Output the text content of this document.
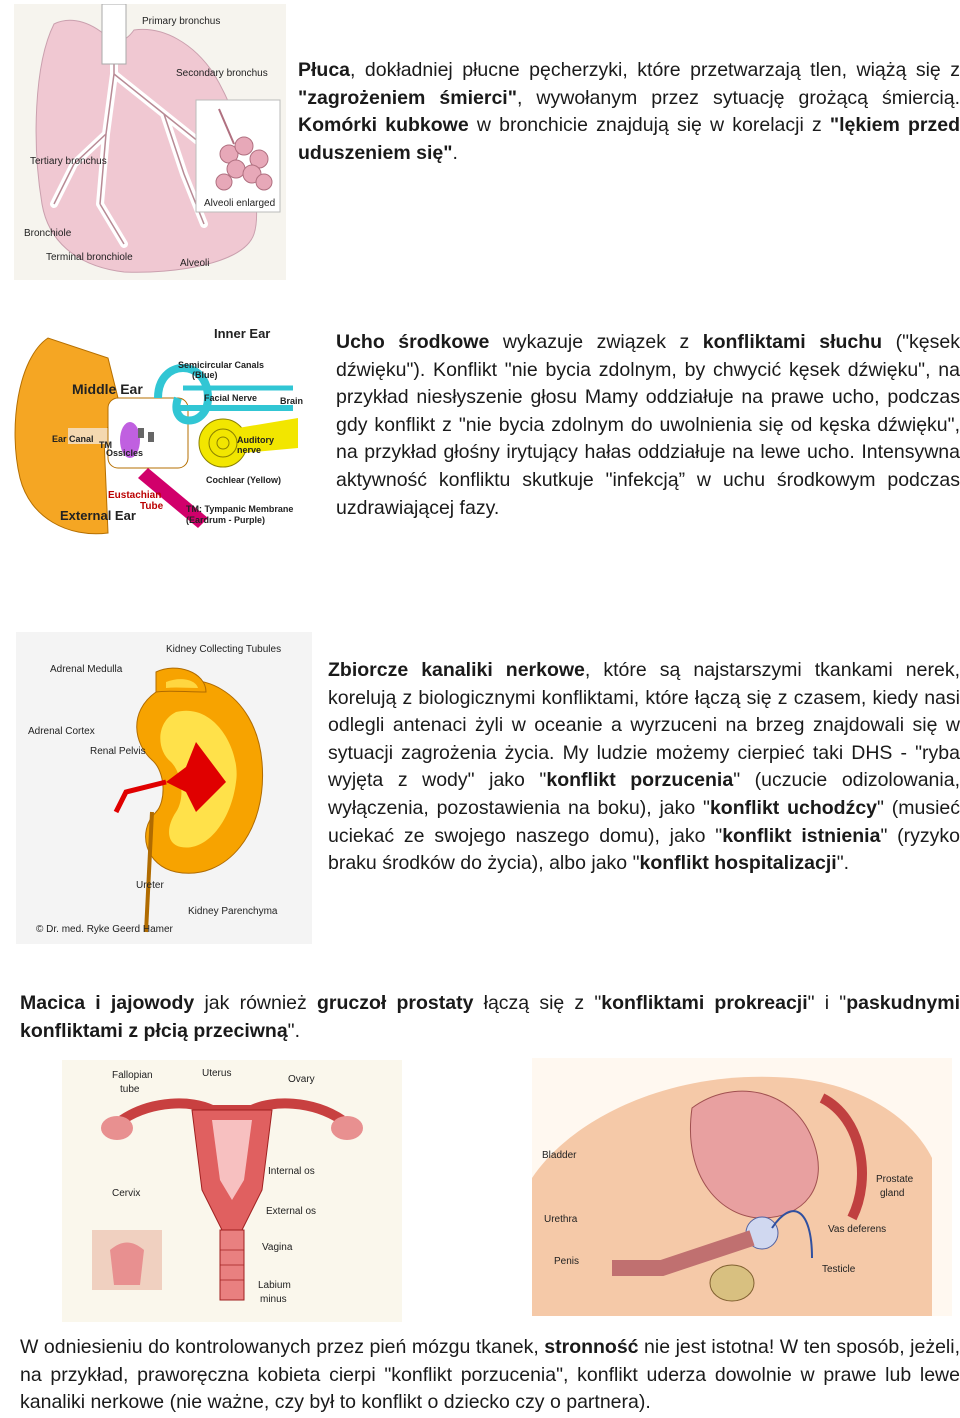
Primary bronchus
Secondary bronchus
Tertiary bronchus
Bronchiole
Terminal bronchiole
Alveoli
Alveoli enlarged

Płuca, dokładniej płucne pęcherzyki, które przetwarzają tlen, wiążą się z "zagrożeniem śmierci", wywołanym przez sytuację grożącą śmiercią. Komórki kubkowe w bronchicie znajdują się w korelacji z "lękiem przed uduszeniem się".

Inner Ear
Middle Ear
Semicircular Canals
(Blue)
Facial Nerve	Brain
Ear Canal
TM
Ossicles
Auditory
nerve
Cochlear (Yellow)
Eustachian
Tube	TM: Tympanic Membrane
(Eardrum - Purple)
External Ear

Ucho środkowe wykazuje związek z konfliktami słuchu ("kęsek dźwięku"). Konflikt "nie bycia zdolnym, by chwycić kęsek dźwięku", na przykład niesłyszenie głosu Mamy oddziałuje na prawe ucho, podczas gdy konflikt z "nie bycia zdolnym do uwolnienia się od kęska dźwięku", na przykład głośny irytujący hałas oddziałuje na lewe ucho. Intensywna aktywność konfliktu skutkuje "infekcją” w uchu środkowym podczas uzdrawiającej fazy.

Kidney Collecting Tubules
Adrenal Medulla
Adrenal Cortex
Renal Pelvis
Ureter
Kidney Parenchyma
© Dr. med. Ryke Geerd Hamer

Zbiorcze kanaliki nerkowe, które są najstarszymi tkankami nerek, korelują z biologicznymi konfliktami, które łączą się z czasem, kiedy nasi odlegli antenaci żyli w oceanie a wyrzuceni na brzeg znajdowali się w sytuacji zagrożenia życia. My ludzie możemy cierpieć taki DHS - "ryba wyjęta z wody" jako "konflikt porzucenia" (uczucie odizolowania, wyłączenia, pozostawienia na boku), jako "konflikt uchodźcy" (musieć uciekać ze swojego naszego domu), jako "konflikt istnienia" (ryzyko braku środków do życia), albo jako "konflikt hospitalizacji".

Macica i jajowody jak również gruczoł prostaty łączą się z "konfliktami prokreacji" i "paskudnymi konfliktami z płcią przeciwną".

Fallopian
tube
Uterus
Ovary
Internal os
Cervix
External os
Vagina
Labium
minus
Bladder
Prostate
gland
Urethra
Vas deferens
Penis
Testicle

W odniesieniu do kontrolowanych przez pień mózgu tkanek, stronność nie jest istotna! W ten sposób, jeżeli, na przykład, praworęczna kobieta cierpi "konflikt porzucenia", konflikt uderza dowolnie w prawe lub lewe kanaliki nerkowe (nie ważne, czy był to konflikt o dziecko czy o partnera).
